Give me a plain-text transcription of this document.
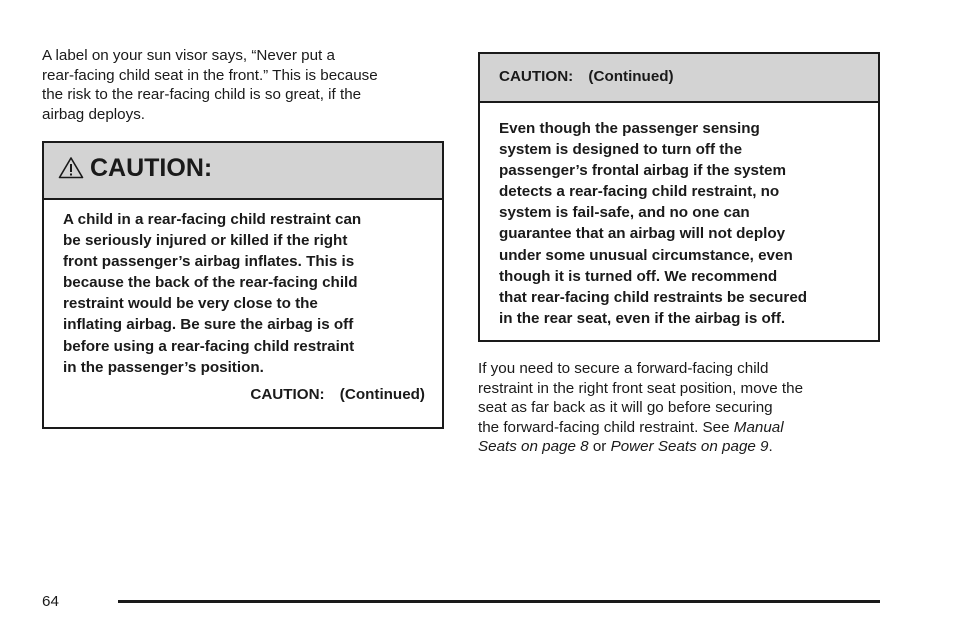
A label on your sun visor says, “Never put a
rear-facing child seat in the front.” This is because
the risk to the rear-facing child is so great, if the
airbag deploys.
CAUTION:
A child in a rear-facing child restraint can
be seriously injured or killed if the right
front passenger’s airbag inflates. This is
because the back of the rear-facing child
restraint would be very close to the
inflating airbag. Be sure the airbag is off
before using a rear-facing child restraint
in the passenger’s position.
CAUTION: (Continued)
CAUTION: (Continued)
Even though the passenger sensing
system is designed to turn off the
passenger’s frontal airbag if the system
detects a rear-facing child restraint, no
system is fail-safe, and no one can
guarantee that an airbag will not deploy
under some unusual circumstance, even
though it is turned off. We recommend
that rear-facing child restraints be secured
in the rear seat, even if the airbag is off.
If you need to secure a forward-facing child
restraint in the right front seat position, move the
seat as far back as it will go before securing
the forward-facing child restraint. See Manual
Seats on page 8 or Power Seats on page 9.
64
